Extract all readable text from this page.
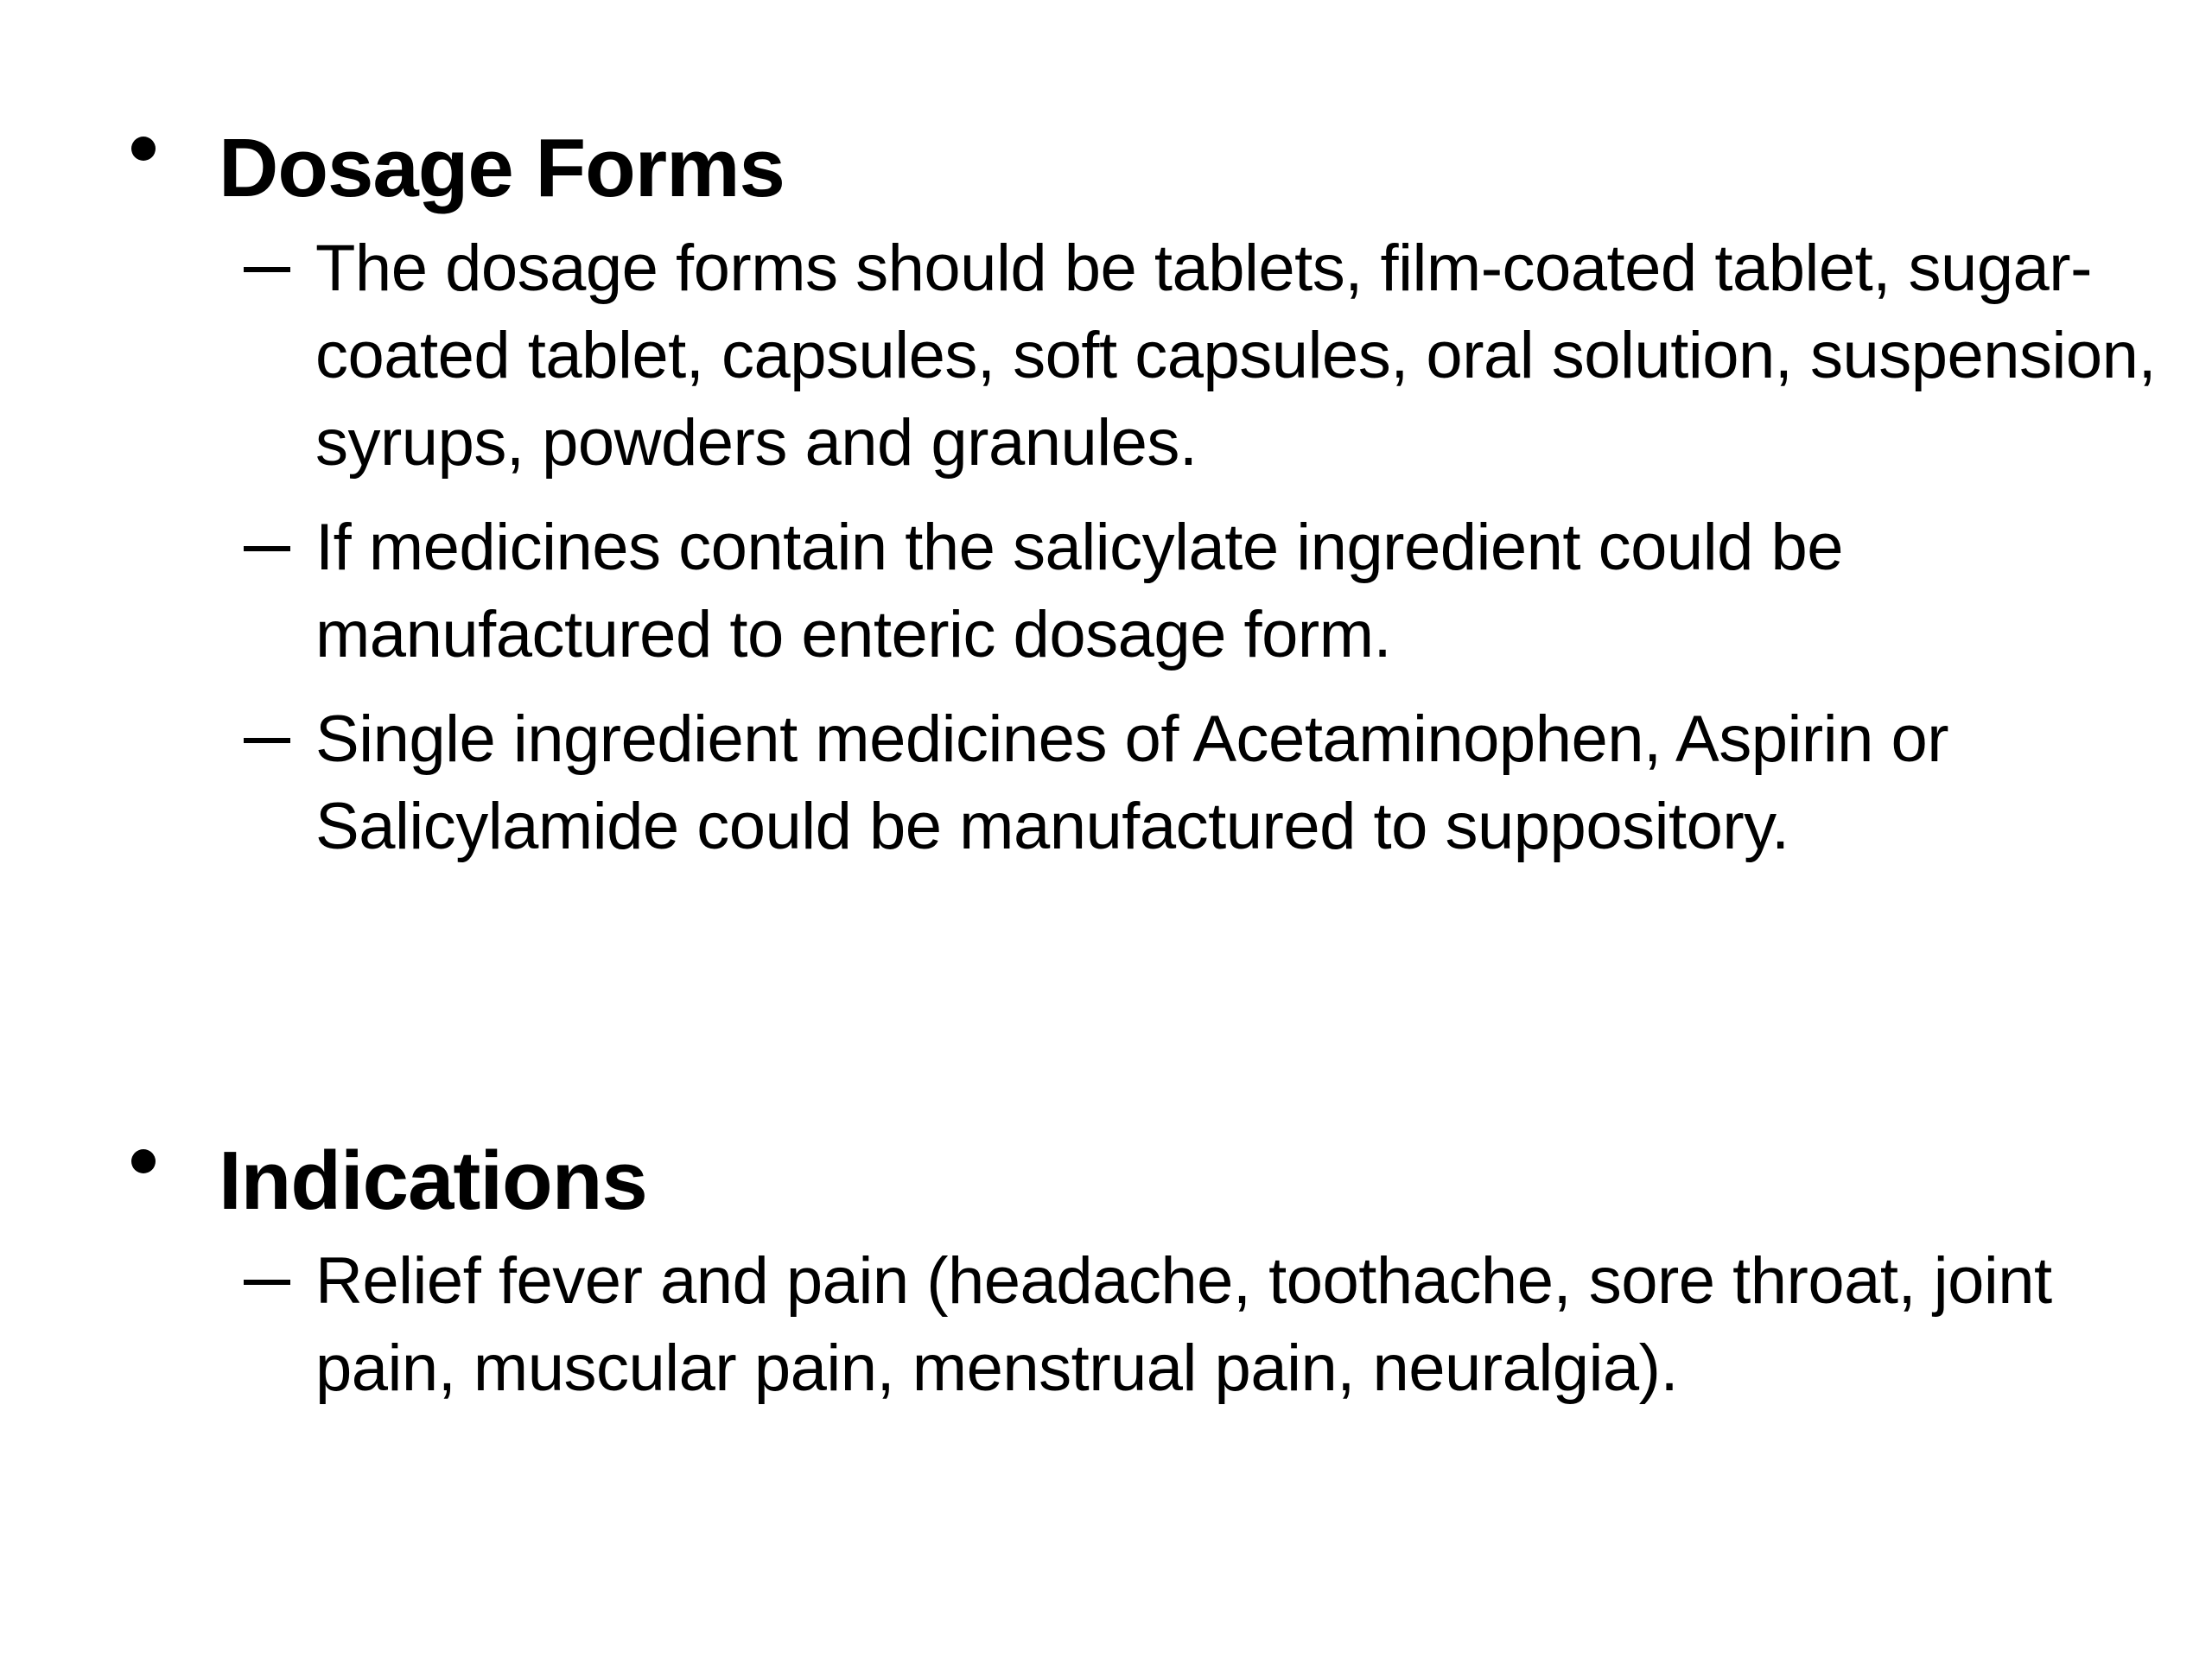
Dosage Forms
The dosage forms should be tablets, film-coated tablet, sugar-coated tablet, capsules, soft capsules, oral solution, suspension, syrups, powders and granules.
If medicines contain the salicylate ingredient could be manufactured to enteric dosage form.
Single ingredient medicines of Acetaminophen, Aspirin or Salicylamide could be manufactured to suppository.
Indications
Relief fever and pain (headache, toothache, sore throat, joint pain, muscular pain, menstrual pain, neuralgia).
